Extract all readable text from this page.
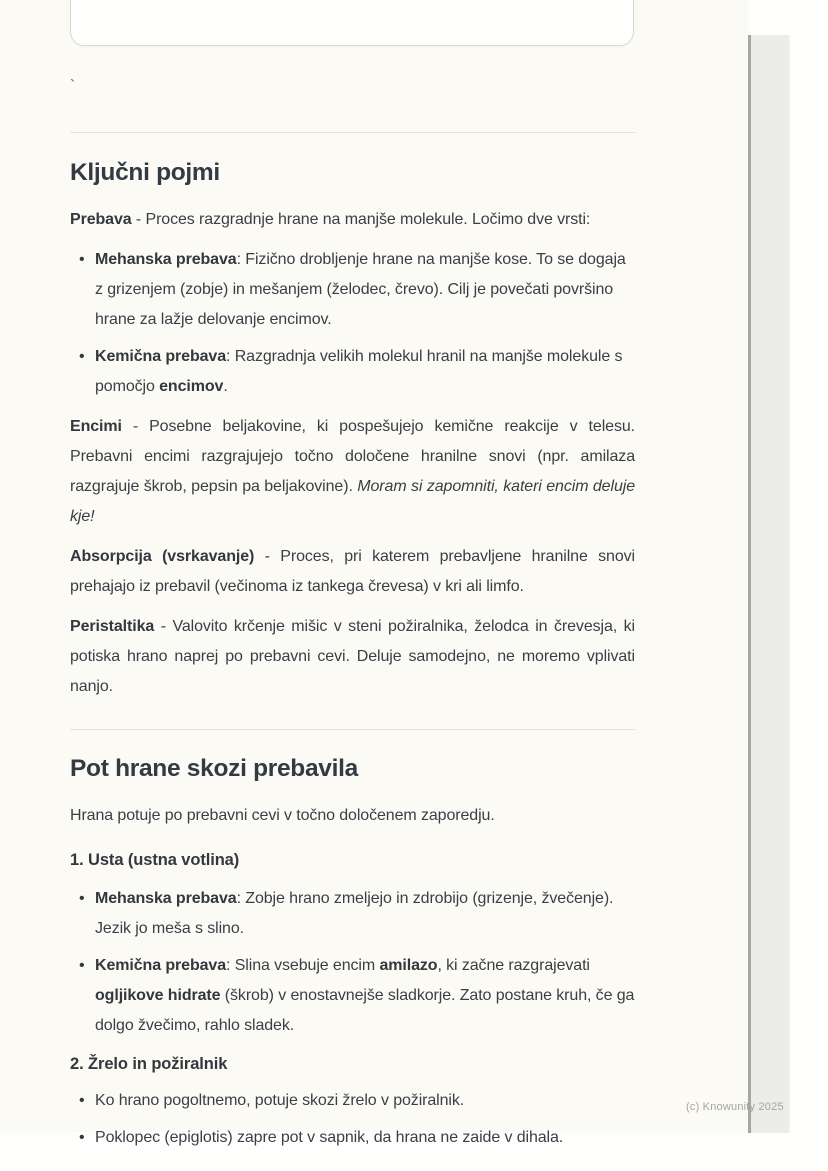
`
Ključni pojmi

Prebava - Proces razgradnje hrane na manjše molekule. Ločimo dve vrsti:

• Mehanska prebava: Fizično drobljenje hrane na manjše kose. To se dogaja z grizenjem (zobje) in mešanjem (želodec, črevo). Cilj je povečati površino hrane za lažje delovanje encimov.
• Kemična prebava: Razgradnja velikih molekul hranil na manjše molekule s pomočjo encimov.

Encimi - Posebne beljakovine, ki pospešujejo kemične reakcije v telesu. Prebavni encimi razgrajujejo točno določene hranilne snovi (npr. amilaza razgrajuje škrob, pepsin pa beljakovine). Moram si zapomniti, kateri encim deluje kje!

Absorpcija (vsrkavanje) - Proces, pri katerem prebavljene hranilne snovi prehajajo iz prebavil (večinoma iz tankega črevesa) v kri ali limfo.

Peristaltika - Valovito krčenje mišic v steni požiralnika, želodca in črevesja, ki potiska hrano naprej po prebavni cevi. Deluje samodejno, ne moremo vplivati nanjo.

Pot hrane skozi prebavila

Hrana potuje po prebavni cevi v točno določenem zaporedju.

1. Usta (ustna votlina)
• Mehanska prebava: Zobje hrano zmeljejo in zdrobijo (grizenje, žvečenje). Jezik jo meša s slino.
• Kemična prebava: Slina vsebuje encim amilazo, ki začne razgrajevati ogljikove hidrate (škrob) v enostavnejše sladkorje. Zato postane kruh, če ga dolgo žvečimo, rahlo sladek.
2. Žrelo in požiralnik
• Ko hrano pogoltnemo, potuje skozi žrelo v požiralnik.
• Poklopec (epiglotis) zapre pot v sapnik, da hrana ne zaide v dihala.
(c) Knowunity 2025
